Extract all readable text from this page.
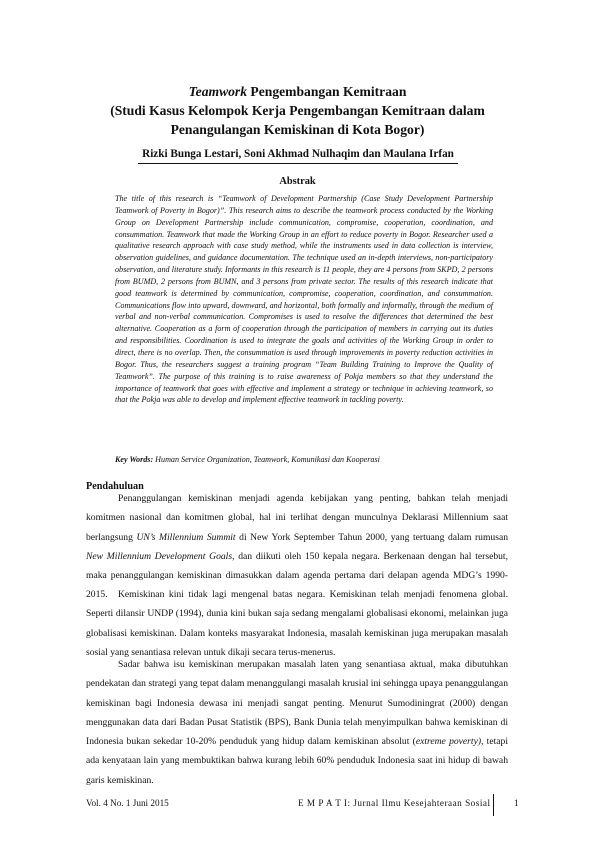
Teamwork Pengembangan Kemitraan

(Studi Kasus Kelompok Kerja Pengembangan Kemitraan dalam

Penangulangan Kemiskinan di Kota Bogor)

Rizki Bunga Lestari, Soni Akhmad Nulhaqim dan Maulana Irfan
Abstrak
The title of this research is “Teamwork of Development Partnership (Case Study Development Partnership Teamwork of Poverty in Bogor)”. This research aims to describe the teamwork process conducted by the Working Group on Development Partnership include communication, compromise, cooperation, coordination, and consummation. Teamwork that made the Working Group in an effort to reduce poverty in Bogor. Researcher used a qualitative research approach with case study method, while the instruments used in data collection is interview, observation guidelines, and guidance documentation. The technique used an in-depth interviews, non-participatory observation, and literature study. Informants in this research is 11 people, they are 4 persons from SKPD, 2 persons from BUMD, 2 persons from BUMN, and 3 persons from private sector. The results of this research indicate that good teamwork is determined by communication, compromise, cooperation, coordination, and consummation. Communications flow into upward, downward, and horizontal, both formally and informally, through the medium of verbal and non-verbal communication. Compromises is used to resolve the differences that determined the best alternative. Cooperation as a form of cooperation through the participation of members in carrying out its duties and responsibilities. Coordination is used to integrate the goals and activities of the Working Group in order to direct, there is no overlap. Then, the consummation is used through improvements in poverty reduction activities in Bogor. Thus, the researchers suggest a training program “Team Building Training to Improve the Quality of Teamwork”. The purpose of this training is to raise awareness of Pokja members so that they understand the importance of teamwork that goes with effective and implement a strategy or technique in achieving teamwork, so that the Pokja was able to develop and implement effective teamwork in tackling poverty.
Key Words: Human Service Organization, Teamwork, Komunikasi dan Kooperasi
Pendahuluan
Penanggulangan kemiskinan menjadi agenda kebijakan yang penting, bahkan telah menjadi komitmen nasional dan komitmen global, hal ini terlihat dengan munculnya Deklarasi Millennium saat berlangsung UN’s Millennium Summit di New York September Tahun 2000, yang tertuang dalam rumusan New Millennium Development Goals, dan diikuti oleh 150 kepala negara. Berkenaan dengan hal tersebut, maka penanggulangan kemiskinan dimasukkan dalam agenda pertama dari delapan agenda MDG’s 1990-2015.	Kemiskinan kini tidak lagi mengenal batas negara. Kemiskinan telah menjadi fenomena global. Seperti dilansir UNDP (1994), dunia kini bukan saja sedang mengalami globalisasi ekonomi, melainkan juga globalisasi kemiskinan. Dalam konteks masyarakat Indonesia, masalah kemiskinan juga merupakan masalah sosial yang senantiasa relevan untuk dikaji secara terus-menerus.
Sadar bahwa isu kemiskinan merupakan masalah laten yang senantiasa aktual, maka dibutuhkan pendekatan dan strategi yang tepat dalam menanggulangi masalah krusial ini sehingga upaya penanggulangan kemiskinan bagi Indonesia dewasa ini menjadi sangat penting. Menurut Sumodiningrat (2000) dengan menggunakan data dari Badan Pusat Statistik (BPS), Bank Dunia telah menyimpulkan bahwa kemiskinan di Indonesia bukan sekedar 10-20% penduduk yang hidup dalam kemiskinan absolut (extreme poverty), tetapi ada kenyataan lain yang membuktikan bahwa kurang lebih 60% penduduk Indonesia saat ini hidup di bawah garis kemiskinan.
Vol. 4 No. 1 Juni 2015	E M P A T I: Jurnal Ilmu Kesejahteraan Sosial	1
